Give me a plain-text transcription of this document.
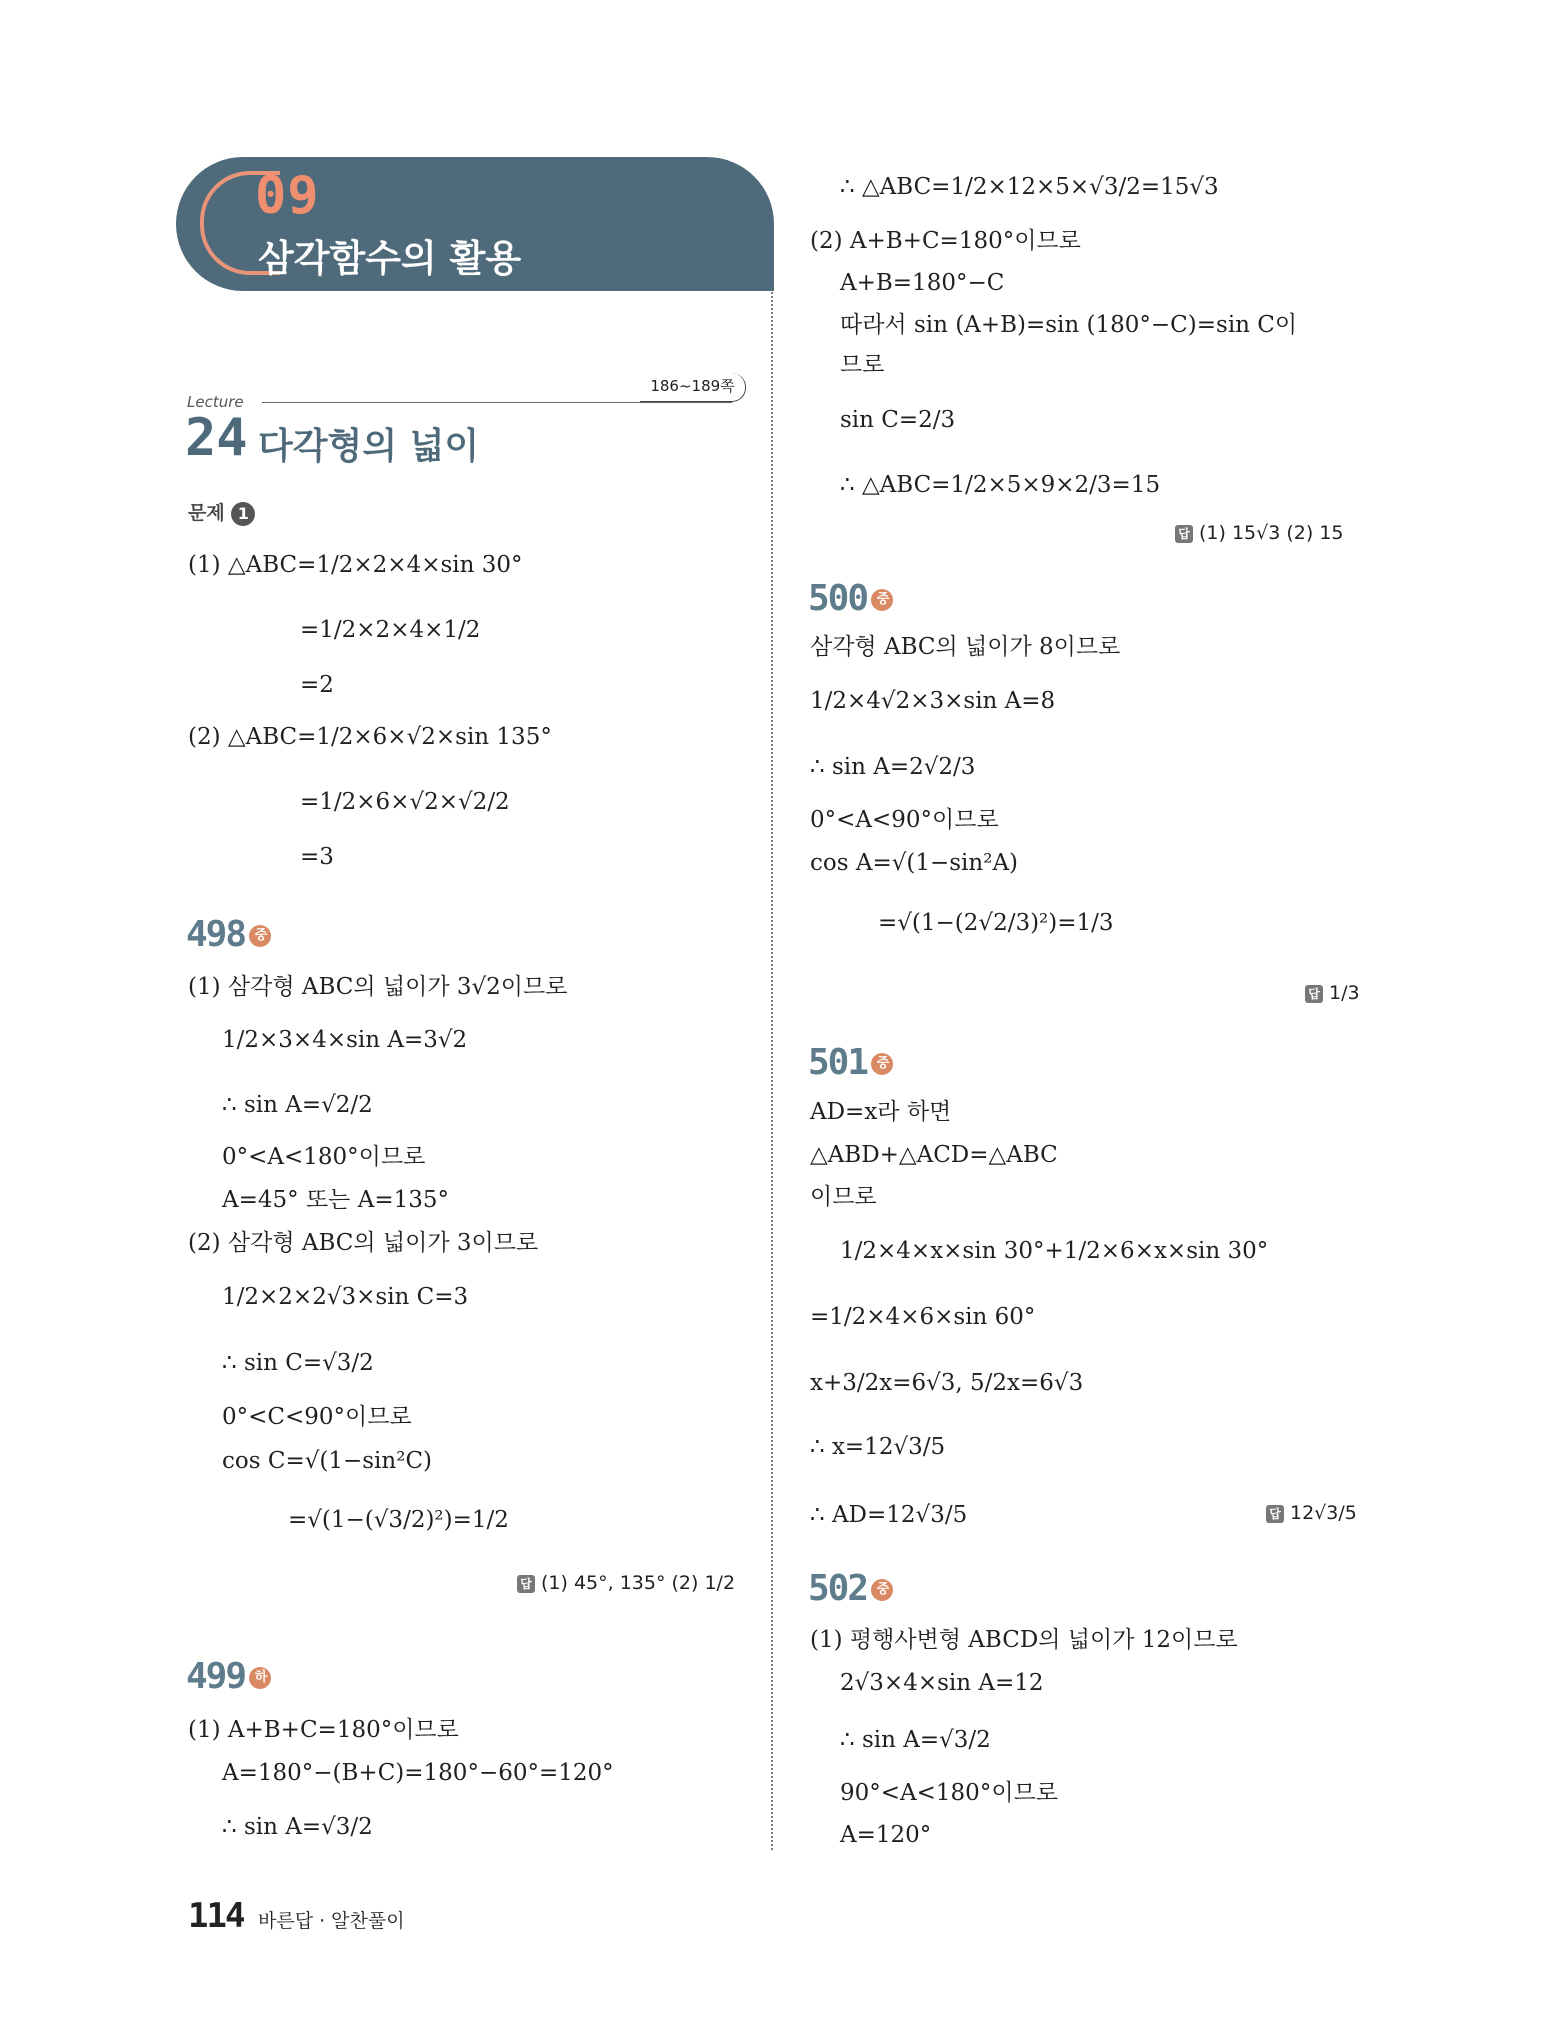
09
삼각함수의 활용
Lecture
186~189쪽
24 다각형의 넓이
문제 1
(1) △ABC=1/2×2×4×sin 30°
=1/2×2×4×1/2
=2
(2) △ABC=1/2×6×√2×sin 135°
=1/2×6×√2×√2/2
=3
498 중
(1) 삼각형 ABC의 넓이가 3√2이므로
1/2×3×4×sin A=3√2
∴ sin A=√2/2
0°<A<180°이므로
A=45° 또는 A=135°
(2) 삼각형 ABC의 넓이가 3이므로
1/2×2×2√3×sin C=3
∴ sin C=√3/2
0°<C<90°이므로
cos C=√(1−sin²C)
=√(1−(√3/2)²)=1/2
답 (1) 45°, 135° (2) 1/2
499 하
(1) A+B+C=180°이므로
A=180°−(B+C)=180°−60°=120°
∴ sin A=√3/2
∴ △ABC=1/2×12×5×√3/2=15√3
(2) A+B+C=180°이므로
A+B=180°−C
따라서 sin (A+B)=sin (180°−C)=sin C이
므로
sin C=2/3
∴ △ABC=1/2×5×9×2/3=15
답 (1) 15√3 (2) 15
500 중
삼각형 ABC의 넓이가 8이므로
1/2×4√2×3×sin A=8
∴ sin A=2√2/3
0°<A<90°이므로
cos A=√(1−sin²A)
=√(1−(2√2/3)²)=1/3
답 1/3
501 중
AD=x라 하면
△ABD+△ACD=△ABC
이므로
1/2×4×x×sin 30°+1/2×6×x×sin 30°
=1/2×4×6×sin 60°
x+3/2x=6√3, 5/2x=6√3
∴ x=12√3/5
∴ AD=12√3/5	답 12√3/5
502 중
(1) 평행사변형 ABCD의 넓이가 12이므로
2√3×4×sin A=12
∴ sin A=√3/2
90°<A<180°이므로
A=120°
114 바른답 · 알찬풀이
